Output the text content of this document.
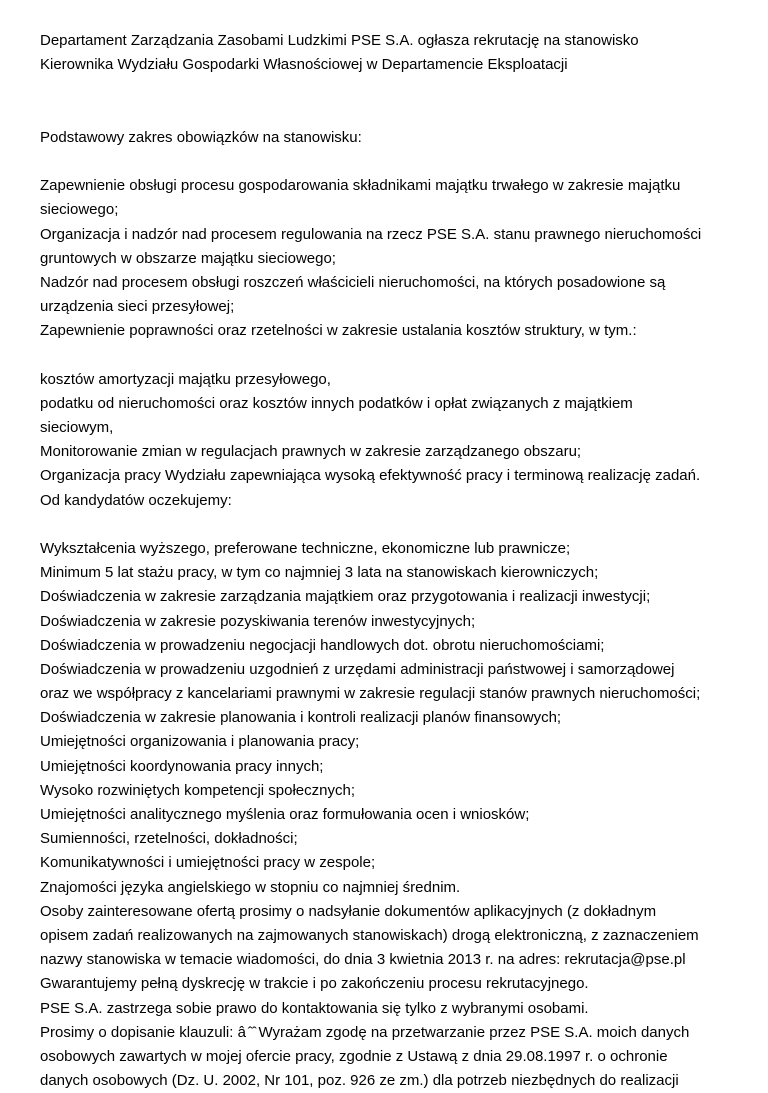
Departament Zarządzania Zasobami Ludzkimi PSE S.A. ogłasza rekrutację na stanowisko
Kierownika Wydziału Gospodarki Własnościowej w Departamencie Eksploatacji
Podstawowy zakres obowiązków na stanowisku:
Zapewnienie obsługi procesu gospodarowania składnikami majątku trwałego w zakresie majątku
sieciowego;
Organizacja i nadzór nad procesem regulowania na rzecz PSE S.A. stanu prawnego nieruchomości
gruntowych w obszarze majątku sieciowego;
Nadzór nad procesem obsługi roszczeń właścicieli nieruchomości, na których posadowione są
urządzenia sieci przesyłowej;
Zapewnienie poprawności oraz rzetelności w zakresie ustalania kosztów struktury, w tym.:
kosztów amortyzacji majątku przesyłowego,
podatku od nieruchomości oraz kosztów innych podatków i opłat związanych z majątkiem
sieciowym,
Monitorowanie zmian w regulacjach prawnych w zakresie zarządzanego obszaru;
Organizacja pracy Wydziału zapewniająca wysoką efektywność pracy i terminową realizację zadań.
Od kandydatów oczekujemy:
Wykształcenia wyższego, preferowane techniczne, ekonomiczne lub prawnicze;
Minimum 5 lat stażu pracy, w tym co najmniej 3 lata na stanowiskach kierowniczych;
Doświadczenia w zakresie zarządzania majątkiem oraz przygotowania i realizacji inwestycji;
Doświadczenia w zakresie pozyskiwania terenów inwestycyjnych;
Doświadczenia w prowadzeniu negocjacji handlowych dot. obrotu nieruchomościami;
Doświadczenia w prowadzeniu uzgodnień z urzędami administracji państwowej i samorządowej
oraz we współpracy z kancelariami prawnymi w zakresie regulacji stanów prawnych nieruchomości;
Doświadczenia w zakresie planowania i kontroli realizacji planów finansowych;
Umiejętności organizowania i planowania pracy;
Umiejętności koordynowania pracy innych;
Wysoko rozwiniętych kompetencji społecznych;
Umiejętności analitycznego myślenia oraz formułowania ocen i wniosków;
Sumienności, rzetelności, dokładności;
Komunikatywności i umiejętności pracy w zespole;
Znajomości języka angielskiego w stopniu co najmniej średnim.
Osoby zainteresowane ofertą prosimy o nadsyłanie dokumentów aplikacyjnych (z dokładnym
opisem zadań realizowanych na zajmowanych stanowiskach) drogą elektroniczną, z zaznaczeniem
nazwy stanowiska w temacie wiadomości, do dnia 3 kwietnia 2013 r. na adres: rekrutacja@pse.pl
Gwarantujemy pełną dyskrecję w trakcie i po zakończeniu procesu rekrutacyjnego.
PSE S.A. zastrzega sobie prawo do kontaktowania się tylko z wybranymi osobami.
Prosimy o dopisanie klauzuli: â ̂ ̂ Wyrażam zgodę na przetwarzanie przez PSE S.A. moich danych
osobowych zawartych w mojej ofercie pracy, zgodnie z Ustawą z dnia 29.08.1997 r. o ochronie
danych osobowych (Dz. U. 2002, Nr 101, poz. 926 ze zm.) dla potrzeb niezbędnych do realizacji
